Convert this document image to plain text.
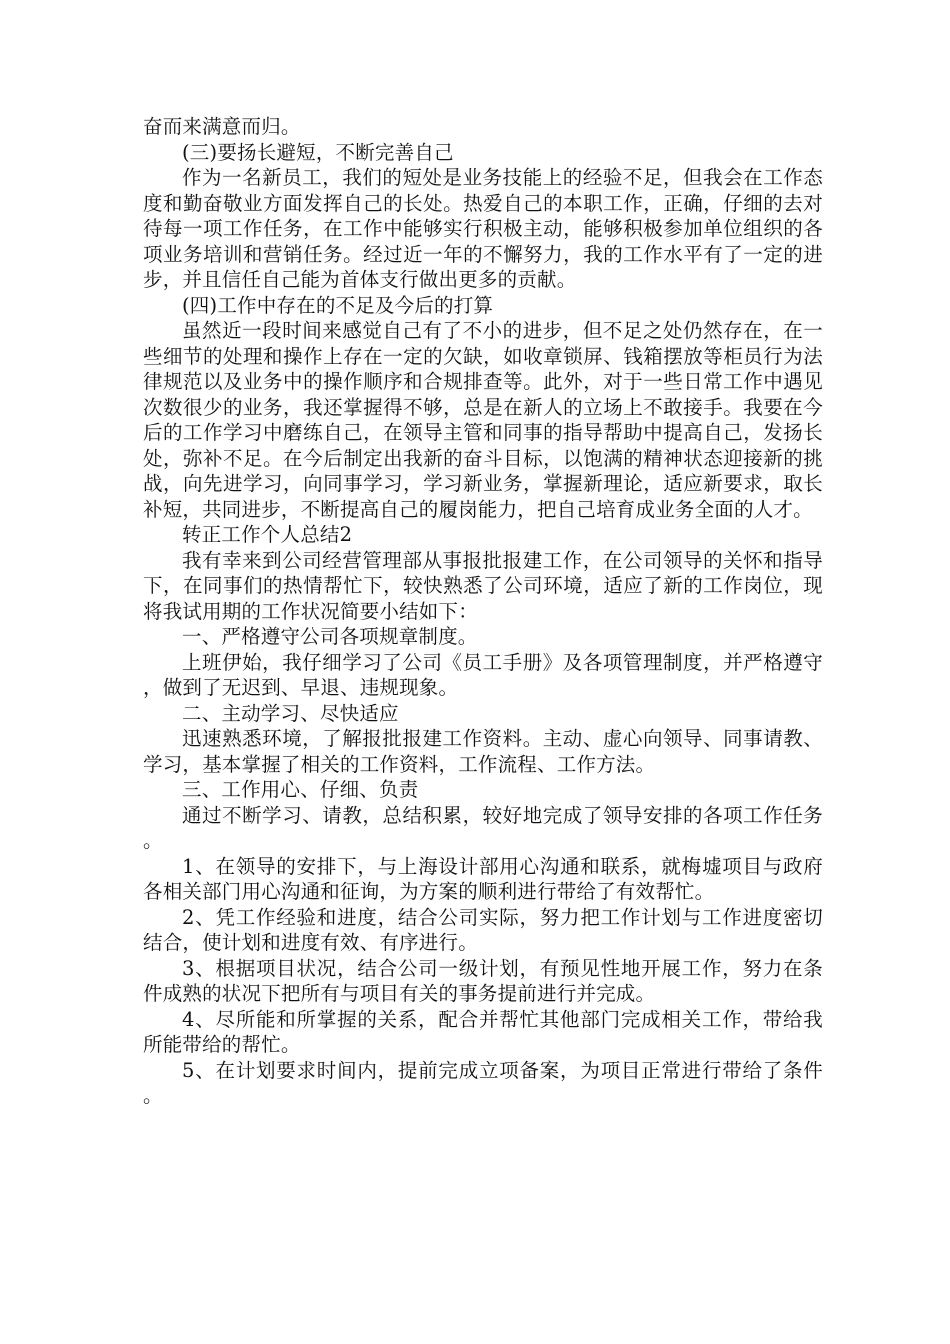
奋而来满意而归。

(三)要扬长避短，不断完善自己

作为一名新员工，我们的短处是业务技能上的经验不足，但我会在工作态度和勤奋敬业方面发挥自己的长处。热爱自己的本职工作，正确，仔细的去对待每一项工作任务，在工作中能够实行积极主动，能够积极参加单位组织的各项业务培训和营销任务。经过近一年的不懈努力，我的工作水平有了一定的进步，并且信任自己能为首体支行做出更多的贡献。

(四)工作中存在的不足及今后的打算

虽然近一段时间来感觉自己有了不小的进步，但不足之处仍然存在，在一些细节的处理和操作上存在一定的欠缺，如收章锁屏、钱箱摆放等柜员行为法律规范以及业务中的操作顺序和合规排查等。此外，对于一些日常工作中遇见次数很少的业务，我还掌握得不够，总是在新人的立场上不敢接手。我要在今后的工作学习中磨练自己，在领导主管和同事的指导帮助中提高自己，发扬长处，弥补不足。在今后制定出我新的奋斗目标，以饱满的精神状态迎接新的挑战，向先进学习，向同事学习，学习新业务，掌握新理论，适应新要求，取长补短，共同进步，不断提高自己的履岗能力，把自己培育成业务全面的人才。

转正工作个人总结2

我有幸来到公司经营管理部从事报批报建工作，在公司领导的关怀和指导下，在同事们的热情帮忙下，较快熟悉了公司环境，适应了新的工作岗位，现将我试用期的工作状况简要小结如下：

一、严格遵守公司各项规章制度。

上班伊始，我仔细学习了公司《员工手册》及各项管理制度，并严格遵守，做到了无迟到、早退、违规现象。

二、主动学习、尽快适应

迅速熟悉环境，了解报批报建工作资料。主动、虚心向领导、同事请教、学习，基本掌握了相关的工作资料，工作流程、工作方法。

三、工作用心、仔细、负责

通过不断学习、请教，总结积累，较好地完成了领导安排的各项工作任务。

1、在领导的安排下，与上海设计部用心沟通和联系，就梅墟项目与政府各相关部门用心沟通和征询，为方案的顺利进行带给了有效帮忙。

2、凭工作经验和进度，结合公司实际，努力把工作计划与工作进度密切结合，使计划和进度有效、有序进行。

3、根据项目状况，结合公司一级计划，有预见性地开展工作，努力在条件成熟的状况下把所有与项目有关的事务提前进行并完成。

4、尽所能和所掌握的关系，配合并帮忙其他部门完成相关工作，带给我所能带给的帮忙。

5、在计划要求时间内，提前完成立项备案，为项目正常进行带给了条件。
